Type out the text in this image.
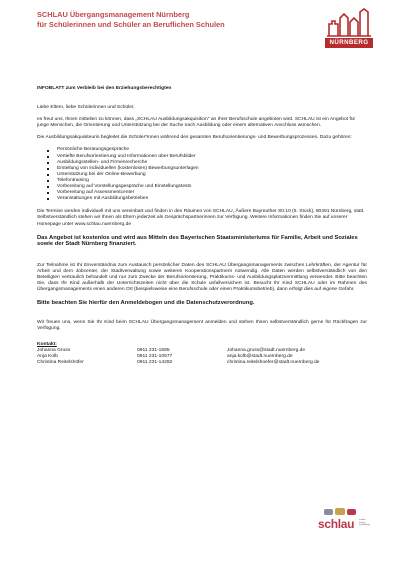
SCHLAU Übergangsmanagement Nürnberg
für Schülerinnen und Schüler an Beruflichen Schulen
NÜRNBERG
INFOBLATT zum Verbleib bei den Erziehungsberechtigten
Liebe Eltern, liebe Schülerinnen und Schüler,
es freut uns, Ihnen mitteilen zu können, dass „SCHLAU Ausbildungsakquisition" an Ihrer Berufsschule angeboten wird. SCHLAU ist ein Angebot für junge Menschen, die Orientierung und Unterstützung bei der Suche nach Ausbildung oder einem alternativen Anschluss wünschen.
Die Ausbildungsakquisiteurin begleitet die Schüler*innen während des gesamten Berufsorientierungs- und Bewerbungsprozesses. Dazu gehören:
Persönliche Beratungsgespräche
Vertiefte Berufsorientierung und Informationen über Berufsbilder
Ausbildungsstellen- und Firmenrecherche
Erstellung von individuellen (kostenlosen) Bewerbungsunterlagen
Unterstützung bei der Online-Bewerbung
Telefontraining
Vorbereitung auf Vorstellungsgespräche und Einstellungstests
Vorbereitung auf Assessmentcenter
Veranstaltungen mit Ausbildungsbetrieben
Die Termine werden individuell mit uns vereinbart und finden in den Räumen von SCHLAU, Äußere Bayreuther Str.10 (5. Stock), 90491 Nürnberg, statt. Selbstverständlich stehen wir Ihnen als Eltern jederzeit als Gesprächspartnerinnen zur Verfügung. Weitere Informationen finden Sie auf unserer Homepage unter www.schlau.nuernberg.de
Das Angebot ist kostenlos und wird aus Mitteln des Bayerischen Staatsministeriums für Familie, Arbeit und Soziales sowie der Stadt Nürnberg finanziert.
Zur Teilnahme ist Ihr Einverständnis zum Austausch persönlicher Daten des SCHLAU Übergangsmanagements zwischen Lehrkräften, der Agentur für Arbeit und dem Jobcenter, der Stadtverwaltung sowie weiteren Kooperationspartnern notwendig. Alle Daten werden selbstverständlich von den Beteiligten vertraulich behandelt und nur zum Zwecke der Berufsorientierung, Praktikums- und Ausbildungsplatzvermittlung verwendet. Bitte beachten Sie, dass Ihr Kind außerhalb der Unterrichtszeiten nicht über die Schule unfallversichert ist. Besucht Ihr Kind SCHLAU oder im Rahmen des Übergangsmanagements einen anderen Ort (beispielsweise eine Berufsschule oder einen Praktikumsbetrieb), dann erfolgt dies auf eigene Gefahr.
Bitte beachten Sie hierfür den Anmeldebogen und die Datenschutzverordnung.
Wir freuen uns, wenn Sie Ihr Kind beim SCHLAU Übergangsmanagement anmelden und stehen Ihnen selbstverständlich gerne für Rückfragen zur Verfügung.
Kontakt:
Johanna Gruss	0911 231-1585	Johanna.gruss@stadt.nuernberg.de
Anja Kolb	0911 231-10577	anja.kolb@stadt.nuernberg.de
Christina Reitelshöfer	0911 231-14282	christina.reitelshoefer@stadt.nuernberg.de
schlau schule
lernen
ausbildung
